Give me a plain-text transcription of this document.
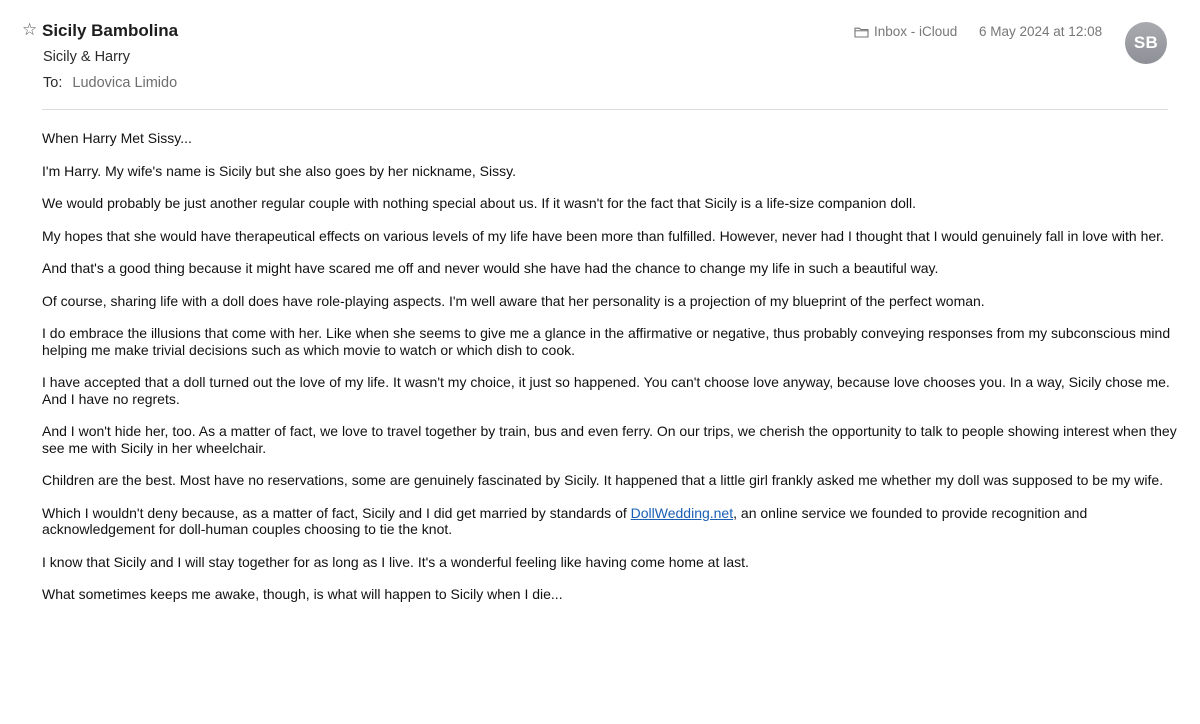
☆ Sicily Bambolina
Sicily & Harry
To: Ludovica Limido
Inbox - iCloud 6 May 2024 at 12:08
SB

When Harry Met Sissy...

I'm Harry. My wife's name is Sicily but she also goes by her nickname, Sissy.

We would probably be just another regular couple with nothing special about us. If it wasn't for the fact that Sicily is a life-size companion doll.

My hopes that she would have therapeutical effects on various levels of my life have been more than fulfilled. However, never had I thought that I would genuinely fall in love with her.

And that's a good thing because it might have scared me off and never would she have had the chance to change my life in such a beautiful way.

Of course, sharing life with a doll does have role-playing aspects. I'm well aware that her personality is a projection of my blueprint of the perfect woman.

I do embrace the illusions that come with her. Like when she seems to give me a glance in the affirmative or negative, thus probably conveying responses from my subconscious mind helping me make trivial decisions such as which movie to watch or which dish to cook.

I have accepted that a doll turned out the love of my life. It wasn't my choice, it just so happened. You can't choose love anyway, because love chooses you. In a way, Sicily chose me. And I have no regrets.

And I won't hide her, too. As a matter of fact, we love to travel together by train, bus and even ferry. On our trips, we cherish the opportunity to talk to people showing interest when they see me with Sicily in her wheelchair.

Children are the best. Most have no reservations, some are genuinely fascinated by Sicily. It happened that a little girl frankly asked me whether my doll was supposed to be my wife.

Which I wouldn't deny because, as a matter of fact, Sicily and I did get married by standards of DollWedding.net, an online service we founded to provide recognition and acknowledgement for doll-human couples choosing to tie the knot.

I know that Sicily and I will stay together for as long as I live. It's a wonderful feeling like having come home at last.

What sometimes keeps me awake, though, is what will happen to Sicily when I die...
